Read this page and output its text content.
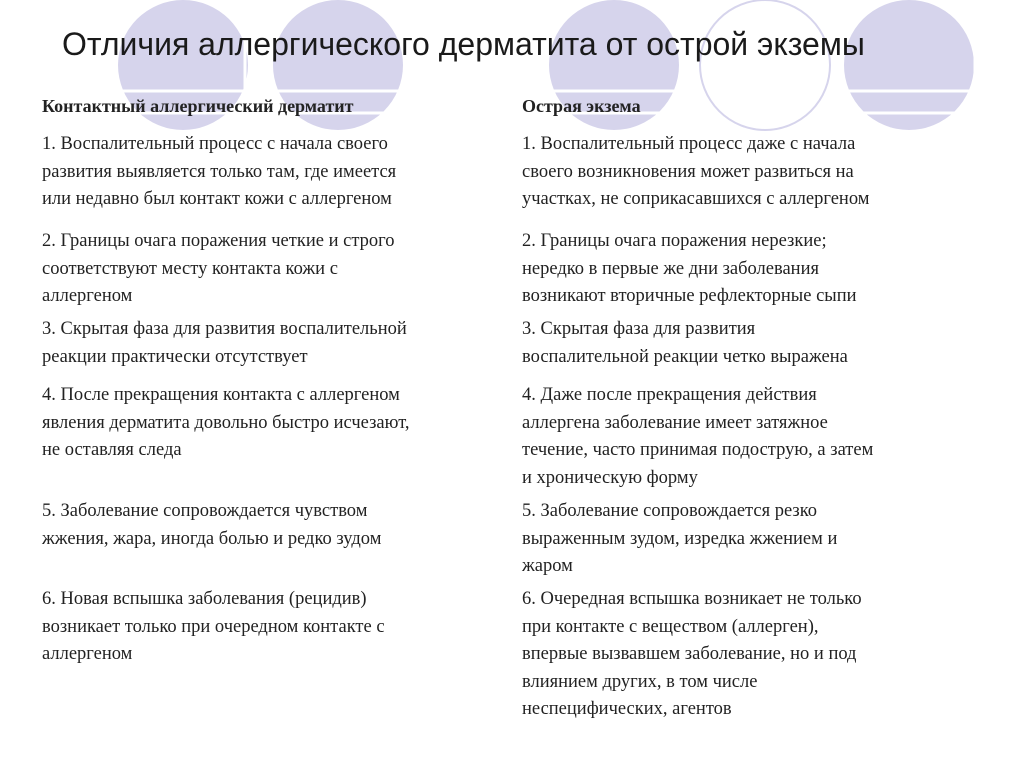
Отличия аллергического дерматита от острой экземы
Контактный аллергический дерматит	Острая экзема

1. Воспалительный процесс с начала своего
развития выявляется только там, где имеется
или недавно был контакт кожи с аллергеном

1. Воспалительный процесс даже с начала
своего возникновения может развиться на
участках, не соприкасавшихся с аллергеном

2. Границы очага поражения четкие и строго
соответствуют месту контакта кожи с
аллергеном

2. Границы очага поражения нерезкие;
нередко в первые же дни заболевания
возникают вторичные рефлекторные сыпи

3. Скрытая фаза для развития воспалительной
реакции практически отсутствует

3. Скрытая фаза для развития
воспалительной реакции четко выражена

4. После прекращения контакта с аллергеном
явления дерматита довольно быстро исчезают,
не оставляя следа

4. Даже после прекращения действия
аллергена заболевание имеет затяжное
течение, часто принимая подострую, а затем
и хроническую форму

5. Заболевание сопровождается чувством
жжения, жара, иногда болью и редко зудом

5. Заболевание сопровождается резко
выраженным зудом, изредка жжением и
жаром

6. Новая вспышка заболевания (рецидив)
возникает только при очередном контакте с
аллергеном

6. Очередная вспышка возникает не только
при контакте с веществом (аллерген),
впервые вызвавшем заболевание, но и под
влиянием других, в том числе
неспецифических, агентов
